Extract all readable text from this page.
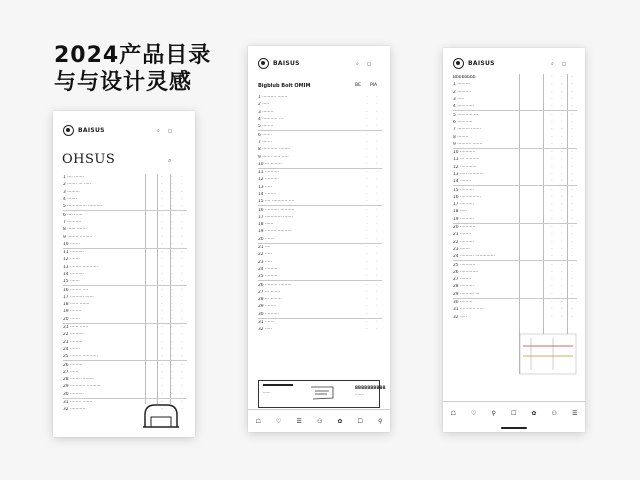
2024产品目录
与与设计灵感
BAISUS	⌕ ◻
OHSUS	⌕
1 ···· ·······	·	·	·
2 ······· ··· ·····	·	·	·
3 ·········	·	·	·
4 ·······	·	·	·
5 ·············· ··········	·	·	·
6 ···· ······	·	·	·
7 ··········	·	·	·
8 ······ ·······	·	·	·
9 ········ ·········	·	·	·
10 ·······	·	·	·
11 ··········	·	·	·
12 ·······	·	·	·
13 ········ ···········	·	·	·
14 ··········	·	·	·
15 ·······	·	·	·
16 ········ ····	·	·	·
17 ·········· ······	·	·	·
18 ······ ·······	·	·	·
19 ········	·	·	·
20 ·······	·	·	·
21 ······ ······	·	·	·
22 ··········	·	·	·
23 ·········	·	·	·
24 ·······	·	·	·
25 ········ ···········	·	·	·
26 ·········	·	·	·
27 ······	·	·	·
28 ······· ·········	·	·	·
29 ··········· ··········	·	·	·
30 ··········	·	·	·
31 ········ ·······	·	·	·
32 ···········	·	·	·
BAISUS	⌕ ◻
Bigblub Bolt OMIM	BE PIA
1 ·········· ·······	·	·
2 ·····	·	·
3 ········	·	·
4 ··········· ···	·	·
5 ········	·	·
6 ·······	·	·
7 ·······	·	·
8 ··········· ········	·	·
9 ······· ····· ·····	·	·
10 ··· ········	·	·
11 ··········	·	·
12 ··········	·	·
13 ·····	·	·
14 ········	·	·
15 ···· ··········· ····	·	·
16 ·········· ··········	·	·
17 ············ ·······	·	·
18 ······	·	·
19 ········ ··········	·	·
20 ·······	·	·
21 ····	·	·
22 ·····	·	·
23 ·····	·	·
24 ·········	·	·
25 ·········	·	·
26 ········· ·········	·	·
27 ··· ·······	·	·
28 ··· ········	·	·
29 ········	·	·
30 ··········	·	·
31 ·······	·	·
32 ·····	·	·
······
BBBBBBBBBB
·······
☖	♡	☰	⚇	✿	☐	⚲
BAISUS	⌕ ◻
Bbbbbbbb	·	·	·
1 ·········	·	·	·
2 ··········	·	·	·
3 ·····	·	·	·
4 ············	·	·	·
5 ··········· ···	·	·	·
6 ···········	·	·	·
7 ········· ·······	·	·	·
8 ········	·	·	·
9 ·········· ·······	·	·	·
10 ···········	·	·	·
11 ··· ··········	·	·	·
12 ············	·	·	·
13 ····· ···········	·	·	·
14 ········	·	·	·
15 ··········	·	·	·
16 ···············	·	·	·
17 ··········	·	·	·
18 ·····	·	·	·
19 ··········	·	·	·
20 ···········	·	·	·
21 ········	·	·	·
22 ··········	·	·	·
23 ·······	·	·	·
24 ·········· ··············	·	·	·
25 ···········	·	·	·
26 ·············	·	·	·
27 ········	·	·	·
28 ··········	·	·	·
29 ·········· ···	·	·	·
30 ·········	·	·	·
31 ··········· ·····	·	·	·
32 ·····	·	·	·
☖	♡	⚲	☐	✿	⚇	☰
